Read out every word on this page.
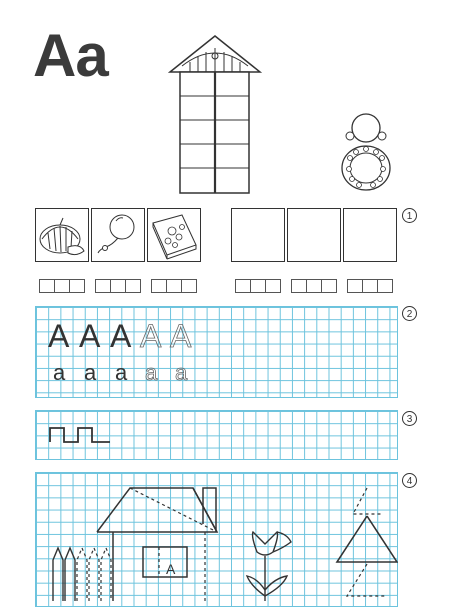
Aa
1
2
A A A A A
a a a a a
3
4
A
